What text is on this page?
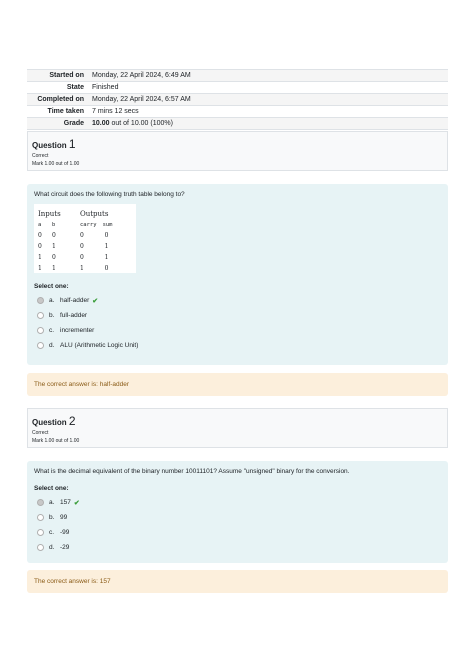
Started on	Monday, 22 April 2024, 6:49 AM
State	Finished
Completed on	Monday, 22 April 2024, 6:57 AM
Time taken	7 mins 12 secs
Grade	10.00 out of 10.00 (100%)
Question 1
Correct
Mark 1.00 out of 1.00
What circuit does the following truth table belong to?
Inputs		Outputs	
a	b	carry	sum
0	0	0	0
0	1	0	1
1	0	0	1
1	1	1	0
Select one:
a. half-adder ✔
b. full-adder
c. incrementer
d. ALU (Arithmetic Logic Unit)
The correct answer is: half-adder
Question 2
Correct
Mark 1.00 out of 1.00
What is the decimal equivalent of the binary number 10011101? Assume "unsigned" binary for the conversion.
Select one:
a. 157 ✔
b. 99
c. -99
d. -29
The correct answer is: 157
